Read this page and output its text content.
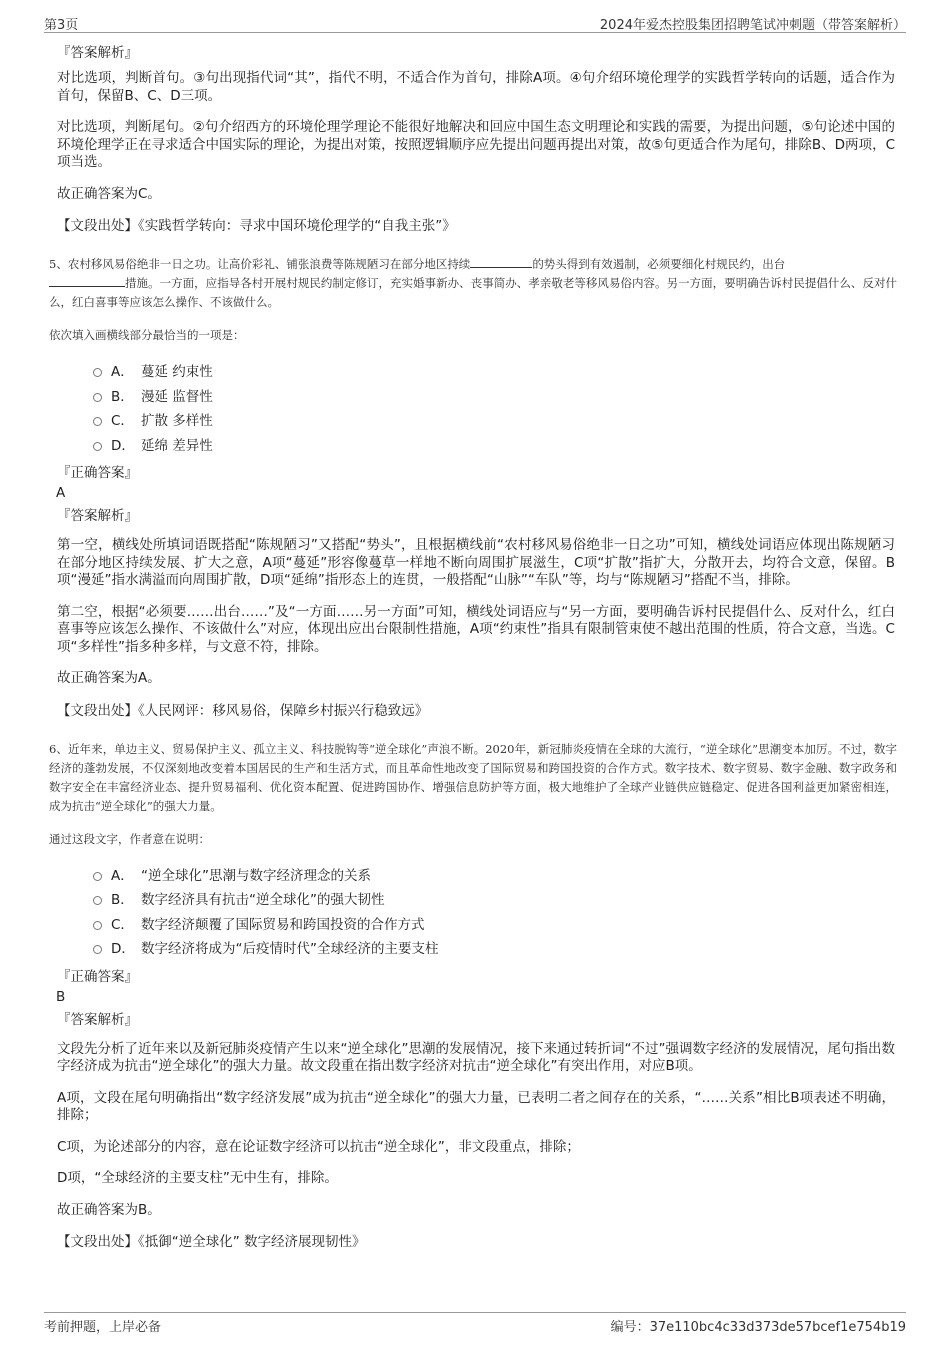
第3页	2024年爱杰控股集团招聘笔试冲刺题（带答案解析）
『答案解析』

对比选项，判断首句。③句出现指代词“其”，指代不明，不适合作为首句，排除A项。④句介绍环境伦理学的实践哲学转向的话题，适合作为首句，保留B、C、D三项。

对比选项，判断尾句。②句介绍西方的环境伦理学理论不能很好地解决和回应中国生态文明理论和实践的需要，为提出问题，⑤句论述中国的环境伦理学正在寻求适合中国实际的理论，为提出对策，按照逻辑顺序应先提出问题再提出对策，故⑤句更适合作为尾句，排除B、D两项，C项当选。

故正确答案为C。

【文段出处】《实践哲学转向：寻求中国环境伦理学的“自我主张”》

5、农村移风易俗绝非一日之功。让高价彩礼、铺张浪费等陈规陋习在部分地区持续	的势头得到有效遏制，必须要细化村规民约，出台
措施。一方面，应指导各村开展村规民约制定修订，充实婚事新办、丧事简办、孝亲敬老等移风易俗内容。另一方面，要明确告诉村民提倡什么、反对什么，红白喜事等应该怎么操作、不该做什么。

依次填入画横线部分最恰当的一项是：

A． 蔓延 约束性
B． 漫延 监督性
C． 扩散 多样性
D． 延绵 差异性
『正确答案』
A
『答案解析』

第一空，横线处所填词语既搭配“陈规陋习”又搭配“势头”，且根据横线前“农村移风易俗绝非一日之功”可知，横线处词语应体现出陈规陋习在部分地区持续发展、扩大之意，A项“蔓延”形容像蔓草一样地不断向周围扩展滋生，C项“扩散”指扩大，分散开去，均符合文意，保留。B项“漫延”指水满溢而向周围扩散，D项“延绵”指形态上的连贯，一般搭配“山脉”“车队”等，均与“陈规陋习”搭配不当，排除。

第二空，根据“必须要……出台……”及“一方面……另一方面”可知，横线处词语应与“另一方面，要明确告诉村民提倡什么、反对什么，红白喜事等应该怎么操作、不该做什么”对应，体现出应出台限制性措施，A项“约束性”指具有限制管束使不越出范围的性质，符合文意，当选。C项“多样性”指多种多样，与文意不符，排除。

故正确答案为A。

【文段出处】《人民网评：移风易俗，保障乡村振兴行稳致远》

6、近年来，单边主义、贸易保护主义、孤立主义、科技脱钩等“逆全球化”声浪不断。2020年，新冠肺炎疫情在全球的大流行，“逆全球化”思潮变本加厉。不过，数字经济的蓬勃发展，不仅深刻地改变着本国居民的生产和生活方式，而且革命性地改变了国际贸易和跨国投资的合作方式。数字技术、数字贸易、数字金融、数字政务和数字安全在丰富经济业态、提升贸易福利、优化资本配置、促进跨国协作、增强信息防护等方面，极大地维护了全球产业链供应链稳定、促进各国利益更加紧密相连，成为抗击“逆全球化”的强大力量。

通过这段文字，作者意在说明：

A． “逆全球化”思潮与数字经济理念的关系
B． 数字经济具有抗击“逆全球化”的强大韧性
C． 数字经济颠覆了国际贸易和跨国投资的合作方式
D． 数字经济将成为“后疫情时代”全球经济的主要支柱
『正确答案』
B
『答案解析』

文段先分析了近年来以及新冠肺炎疫情产生以来“逆全球化”思潮的发展情况，接下来通过转折词“不过”强调数字经济的发展情况，尾句指出数字经济成为抗击“逆全球化”的强大力量。故文段重在指出数字经济对抗击“逆全球化”有突出作用，对应B项。

A项，文段在尾句明确指出“数字经济发展”成为抗击“逆全球化”的强大力量，已表明二者之间存在的关系，“……关系”相比B项表述不明确，排除；

C项，为论述部分的内容，意在论证数字经济可以抗击“逆全球化”，非文段重点，排除；

D项，“全球经济的主要支柱”无中生有，排除。

故正确答案为B。

【文段出处】《抵御“逆全球化” 数字经济展现韧性》

考前押题，上岸必备	编号：37e110bc4c33d373de57bcef1e754b19
